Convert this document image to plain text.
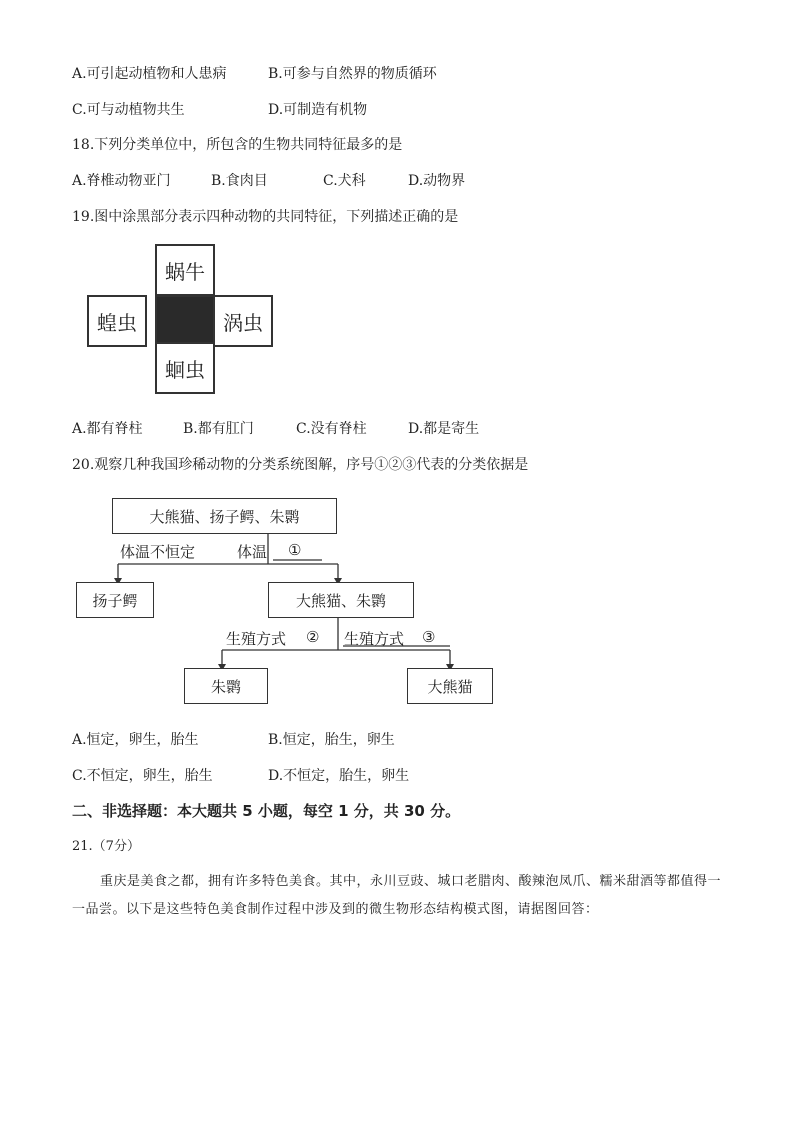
A.可引起动植物和人患病	B.可参与自然界的物质循环
C.可与动植物共生	D.可制造有机物
18.下列分类单位中，所包含的生物共同特征最多的是
A.脊椎动物亚门	B.食肉目	C.犬科	D.动物界
19.图中涂黑部分表示四种动物的共同特征，下列描述正确的是
蜗牛
蝗虫	涡虫
蛔虫
A.都有脊柱	B.都有肛门	C.没有脊柱	D.都是寄生
20.观察几种我国珍稀动物的分类系统图解，序号①②③代表的分类依据是
大熊猫、扬子鳄、朱鹮
体温不恒定	体温 ①
扬子鳄	大熊猫、朱鹮
生殖方式 ② 生殖方式 ③
朱鹮	大熊猫
A.恒定，卵生，胎生	B.恒定，胎生，卵生
C.不恒定，卵生，胎生	D.不恒定，胎生，卵生
二、非选择题：本大题共 5 小题，每空 1 分，共 30 分。
21.（7分）
重庆是美食之都，拥有许多特色美食。其中，永川豆豉、城口老腊肉、酸辣泡凤爪、糯米甜酒等都值得一一品尝。以下是这些特色美食制作过程中涉及到的微生物形态结构模式图，请据图回答：
